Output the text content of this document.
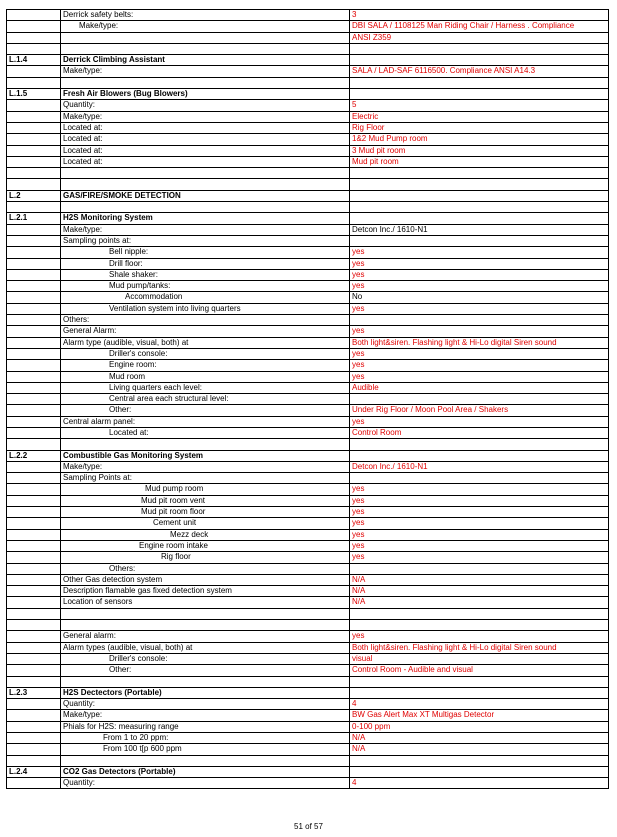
	Derrick safety belts:	3
	Make/type:	DBI SALA / 1108125 Man Riding Chair / Harness . Compliance
		ANSI Z359

L.1.4	Derrick Climbing Assistant	
	Make/type:	SALA / LAD-SAF 6116500. Compliance ANSI A14.3

L.1.5	Fresh Air Blowers (Bug Blowers)	
	Quantity:	5
	Make/type:	Electric
	Located at:	Rig Floor
	Located at:	1&2 Mud Pump room
	Located at:	3 Mud pit room
	Located at:	Mud pit room

L.2	GAS/FIRE/SMOKE DETECTION	

L.2.1	H2S Monitoring System	
	Make/type:	Detcon Inc./ 1610-N1
	Sampling points at:	
	Bell nipple:	yes
	Drill floor:	yes
	Shale shaker:	yes
	Mud pump/tanks:	yes
	Accommodation	No
	Ventilation system into living quarters	yes
	Others:	
	General Alarm:	yes
	Alarm type (audible, visual, both) at	Both light&siren. Flashing light & Hi-Lo digital Siren sound
	Driller's console:	yes
	Engine room:	yes
	Mud room	yes
	Living quarters each level:	Audible
	Central area each structural level:	
	Other:	Under Rig Floor / Moon Pool Area / Shakers
	Central alarm panel:	yes
	Located at:	Control Room

L.2.2	Combustible Gas Monitoring System	
	Make/type:	Detcon Inc./ 1610-N1
	Sampling Points at:	
	Mud pump room	yes
	Mud pit room vent	yes
	Mud pit room floor	yes
	Cement unit	yes
	Mezz deck	yes
	Engine room intake	yes
	Rig floor	yes
	Others:	
	Other Gas detection system	N/A
	Description flamable gas fixed detection system	N/A
	Location of sensors	N/A

	General alarm:	yes
	Alarm types (audible, visual, both) at	Both light&siren. Flashing light & Hi-Lo digital Siren sound
	Driller's console:	visual
	Other:	Control Room - Audible and visual

L.2.3	H2S Dectectors (Portable)	
	Quantity:	4
	Make/type:	BW Gas Alert Max XT Multigas Detector
	Phials for H2S: measuring range	0-100 ppm
	From 1 to 20 ppm:	N/A
	From 100 t[p 600 ppm	N/A

L.2.4	CO2 Gas Detectors (Portable)	
	Quantity:	4
51 of 57
